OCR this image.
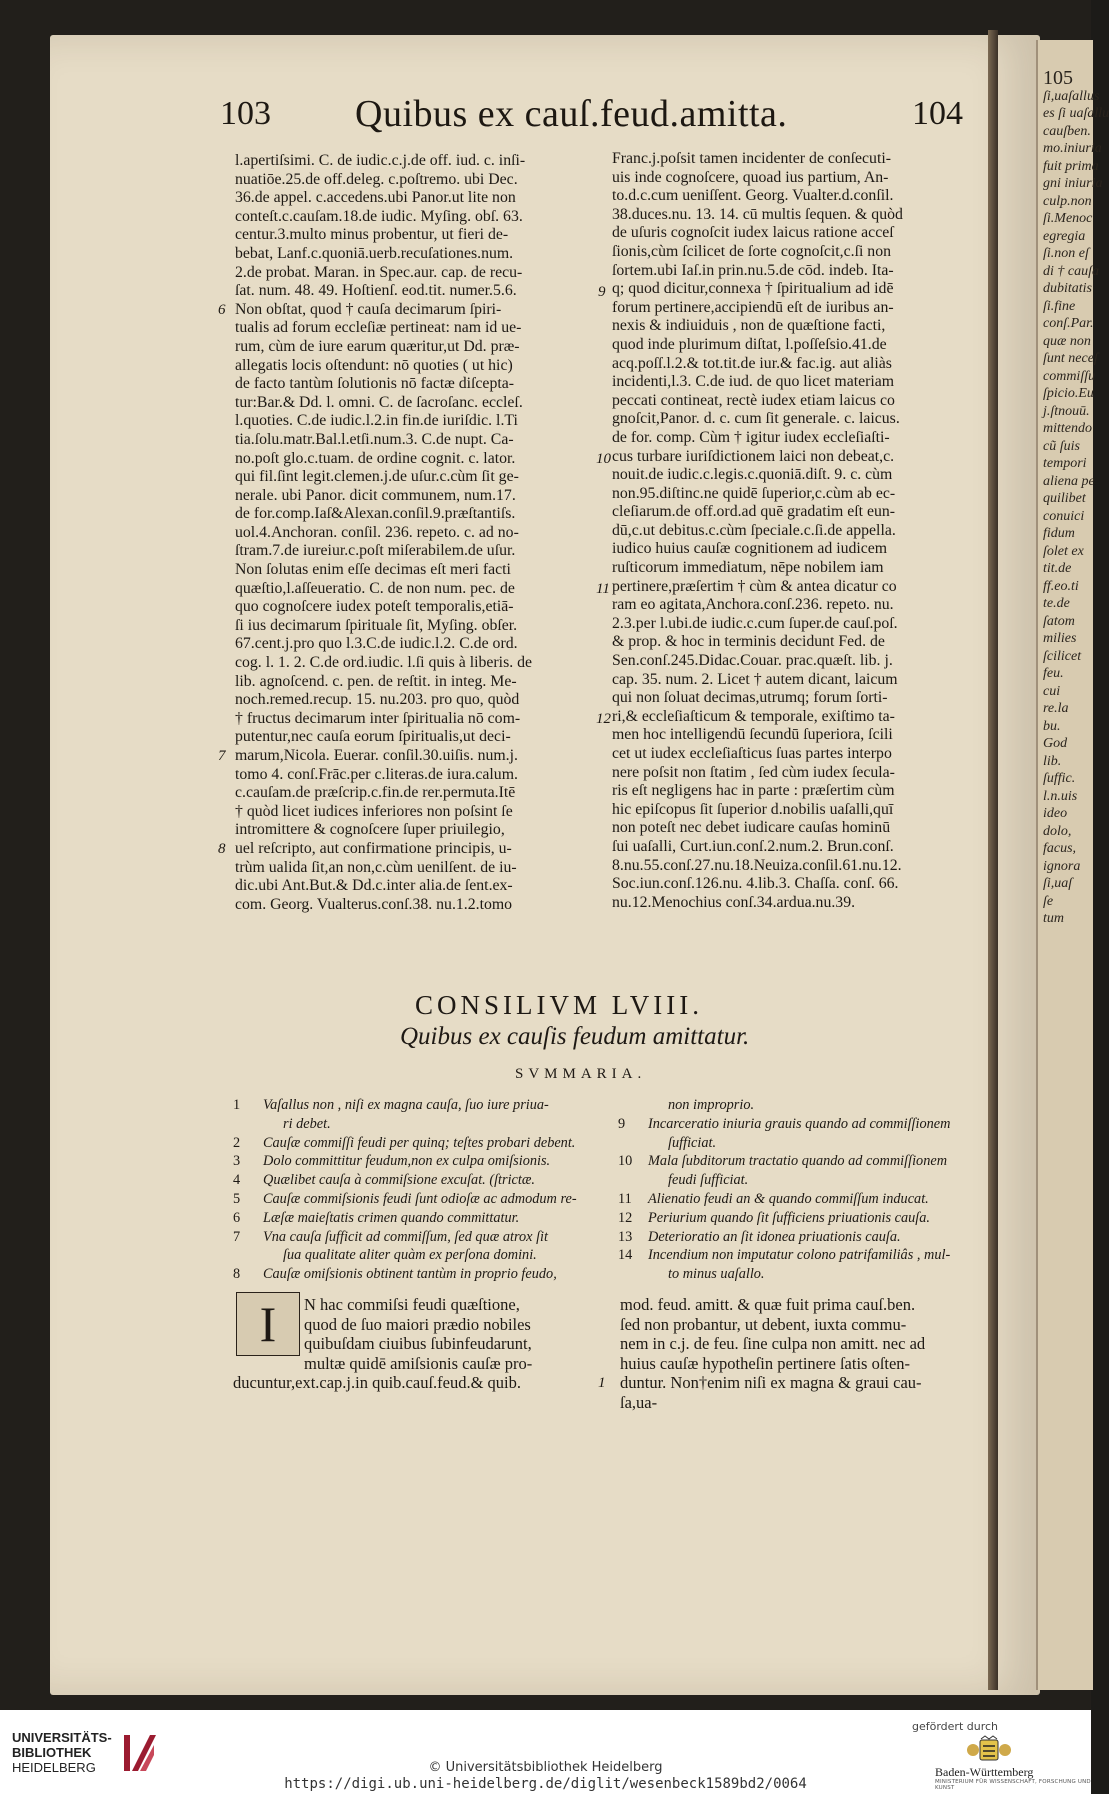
103 Quibus ex cauſ.feud.amitta.	104
105
ſi,uaſallus
es ſi uaſallu
cauſben.
mo.iniuria
fuit prima
gni iniuria
culp.non
ſi.Menoc
egregia
ſi.non eſ
di † cauſa
dubitatis
ſi.fine
conſ.Par.
quæ non
ſunt neceſ
commiſſu
ſpicio.Eu
j.ſtnouū.
mittendo
cũ ſuis
tempori
aliena pe
quilibet
conuici
fidum
ſolet ex
tit.de
ff.eo.ti
te.de
ſatom
milies
ſcilicet
feu.
cui
re.la
bu.
God
lib.
ſuffic.
l.n.uis
ideo
dolo,
facus,
ignora
ſi,uaſ
ſe
tum
l.apertiſsimi. C. de iudic.c.j.de off. iud. c. inſi-
nuatiōe.25.de off.deleg. c.poſtremo. ubi Dec.
36.de appel. c.accedens.ubi Panor.ut lite non
conteſt.c.cauſam.18.de iudic. Myſing. obſ. 63.
centur.3.multo minus probentur, ut fieri de-
bebat, Lanf.c.quoniā.uerb.recuſationes.num.
2.de probat. Maran. in Spec.aur. cap. de recu-
ſat. num. 48. 49. Hoſtienſ. eod.tit. numer.5.6.
Non obſtat, quod † cauſa decimarum ſpiri-
tualis ad forum eccleſiæ pertineat: nam id ue-
rum, cùm de iure earum quæritur,ut Dd. præ-
allegatis locis oſtendunt: nō quoties ( ut hic)
de facto tantùm ſolutionis nō factæ diſcepta-
tur:Bar.& Dd. l. omni. C. de ſacroſanc. eccleſ.
l.quoties. C.de iudic.l.2.in fin.de iuriſdic. l.Ti
tia.ſolu.matr.Bal.l.etſi.num.3. C.de nupt. Ca-
no.poſt glo.c.tuam. de ordine cognit. c. lator.
qui fil.ſint legit.clemen.j.de uſur.c.cùm ſit ge-
nerale. ubi Panor. dicit communem, num.17.
de for.comp.Iaſ&Alexan.conſil.9.præſtantiſs.
uol.4.Anchoran. conſil. 236. repeto. c. ad no-
ſtram.7.de iureiur.c.poſt miſerabilem.de uſur.
Non ſolutas enim eſſe decimas eſt meri facti
quæſtio,l.aſſeueratio. C. de non num. pec. de
quo cognoſcere iudex poteſt temporalis,etiā-
ſi ius decimarum ſpirituale ſit, Myſing. obſer.
67.cent.j.pro quo l.3.C.de iudic.l.2. C.de ord.
cog. l. 1. 2. C.de ord.iudic. l.ſi quis à liberis. de
lib. agnoſcend. c. pen. de reſtit. in integ. Me-
noch.remed.recup. 15. nu.203. pro quo, quòd
† fructus decimarum inter ſpiritualia nō com-
putentur,nec cauſa eorum ſpiritualis,ut deci-
marum,Nicola. Euerar. conſil.30.uiſis. num.j.
tomo 4. conſ.Frāc.per c.literas.de iura.calum.
c.cauſam.de præſcrip.c.fin.de rer.permuta.Itē
† quòd licet iudices inferiores non poſsint ſe
intromittere & cognoſcere ſuper priuilegio,
uel reſcripto, aut confirmatione principis, u-
trùm ualida ſit,an non,c.cùm uenilſent. de iu-
dic.ubi Ant.But.& Dd.c.inter alia.de ſent.ex-
com. Georg. Vualterus.conſ.38. nu.1.2.tomo
Franc.j.poſsit tamen incidenter de conſecuti-
uis inde cognoſcere, quoad ius partium, An-
to.d.c.cum ueniſſent. Georg. Vualter.d.conſil.
38.duces.nu. 13. 14. cū multis ſequen. & quòd
de uſuris cognoſcit iudex laicus ratione acceſ
ſionis,cùm ſcilicet de ſorte cognoſcit,c.ſi non
ſortem.ubi Iaſ.in prin.nu.5.de cōd. indeb. Ita-
q; quod dicitur,connexa † ſpiritualium ad idē
forum pertinere,accipiendū eſt de iuribus an-
nexis & indiuiduis , non de quæſtione facti,
quod inde plurimum diſtat, l.poſſeſsio.41.de
acq.poſſ.l.2.& tot.tit.de iur.& fac.ig. aut aliàs
incidenti,l.3. C.de iud. de quo licet materiam
peccati contineat, rectè iudex etiam laicus co
gnoſcit,Panor. d. c. cum ſit generale. c. laicus.
de for. comp. Cùm † igitur iudex eccleſiaſti-
cus turbare iuriſdictionem laici non debeat,c.
nouit.de iudic.c.legis.c.quoniā.diſt. 9. c. cùm
non.95.diſtinc.ne quidē ſuperior,c.cùm ab ec-
cleſiarum.de off.ord.ad quē gradatim eſt eun-
dū,c.ut debitus.c.cùm ſpeciale.c.ſi.de appella.
iudico huius cauſæ cognitionem ad iudicem
ruſticorum immediatum, nēpe nobilem iam
pertinere,præſertim † cùm & antea dicatur co
ram eo agitata,Anchora.conſ.236. repeto. nu.
2.3.per l.ubi.de iudic.c.cum ſuper.de cauſ.poſ.
& prop. & hoc in terminis decidunt Fed. de
Sen.conſ.245.Didac.Couar. prac.quæſt. lib. j.
cap. 35. num. 2. Licet † autem dicant, laicum
qui non ſoluat decimas,utrumq; forum ſorti-
ri,& eccleſiaſticum & temporale, exiſtimo ta-
men hoc intelligendū ſecundū ſuperiora, ſcili
cet ut iudex eccleſiaſticus ſuas partes interpo
nere poſsit non ſtatim , ſed cùm iudex ſecula-
ris eſt negligens hac in parte : præſertim cùm
hic epiſcopus ſit ſuperior d.nobilis uaſalli,quī
non poteſt nec debet iudicare cauſas hominū
ſui uaſalli, Curt.iun.conſ.2.num.2. Brun.conſ.
8.nu.55.conſ.27.nu.18.Neuiza.conſil.61.nu.12.
Soc.iun.conſ.126.nu. 4.lib.3. Chaſſa. conſ. 66.
nu.12.Menochius conſ.34.ardua.nu.39.
6
9
10
11
7
12
8
CONSILIVM LVIII.
Quibus ex cauſis feudum amittatur.
SVMMARIA.
1	Vaſallus non , niſi ex magna cauſa, ſuo iure priua-
ri debet.
2	Cauſæ commiſſi feudi per quinq; teſtes probari debent.
3	Dolo committitur feudum,non ex culpa omiſsionis.
4	Quælibet cauſa à commiſsione excuſat. (ſtrictæ.
5	Cauſæ commiſsionis feudi ſunt odioſæ ac admodum re-
6	Læſæ maieſtatis crimen quando committatur.
7	Vna cauſa ſufficit ad commiſſum, ſed quæ atrox ſit
ſua qualitate aliter quàm ex perſona domini.
8	Cauſæ omiſsionis obtinent tantùm in proprio feudo,
non improprio.
9	Incarceratio iniuria grauis quando ad commiſſionem
ſufficiat.
10	Mala ſubditorum tractatio quando ad commiſſionem
feudi ſufficiat.
11	Alienatio feudi an & quando commiſſum inducat.
12	Periurium quando ſit ſufficiens priuationis cauſa.
13	Deterioratio an ſit idonea priuationis cauſa.
14	Incendium non imputatur colono patrifamiliâs , mul-
to minus uaſallo.
I	N hac commiſsi feudi quæſtione,
quod de ſuo maiori prædio nobiles
quibuſdam ciuibus ſubinfeudarunt,
multæ quidē amiſsionis cauſæ pro-
ducuntur,ext.cap.j.in quib.cauſ.feud.& quib.	1
mod. feud. amitt. & quæ fuit prima cauſ.ben.
ſed non probantur, ut debent, iuxta commu-
nem in c.j. de feu. ſine culpa non amitt. nec ad
huius cauſæ hypotheſin pertinere ſatis oſten-
duntur. Non†enim niſi ex magna & graui cau-
ſa,ua-
UNIVERSITÄTS-
BIBLIOTHEK
HEIDELBERG	© Universitätsbibliothek Heidelberg
https://digi.ub.uni-heidelberg.de/diglit/wesenbeck1589bd2/0064
gefördert durch
Baden-Württemberg
MINISTERIUM FÜR WISSENSCHAFT, FORSCHUNG UND KUNST
